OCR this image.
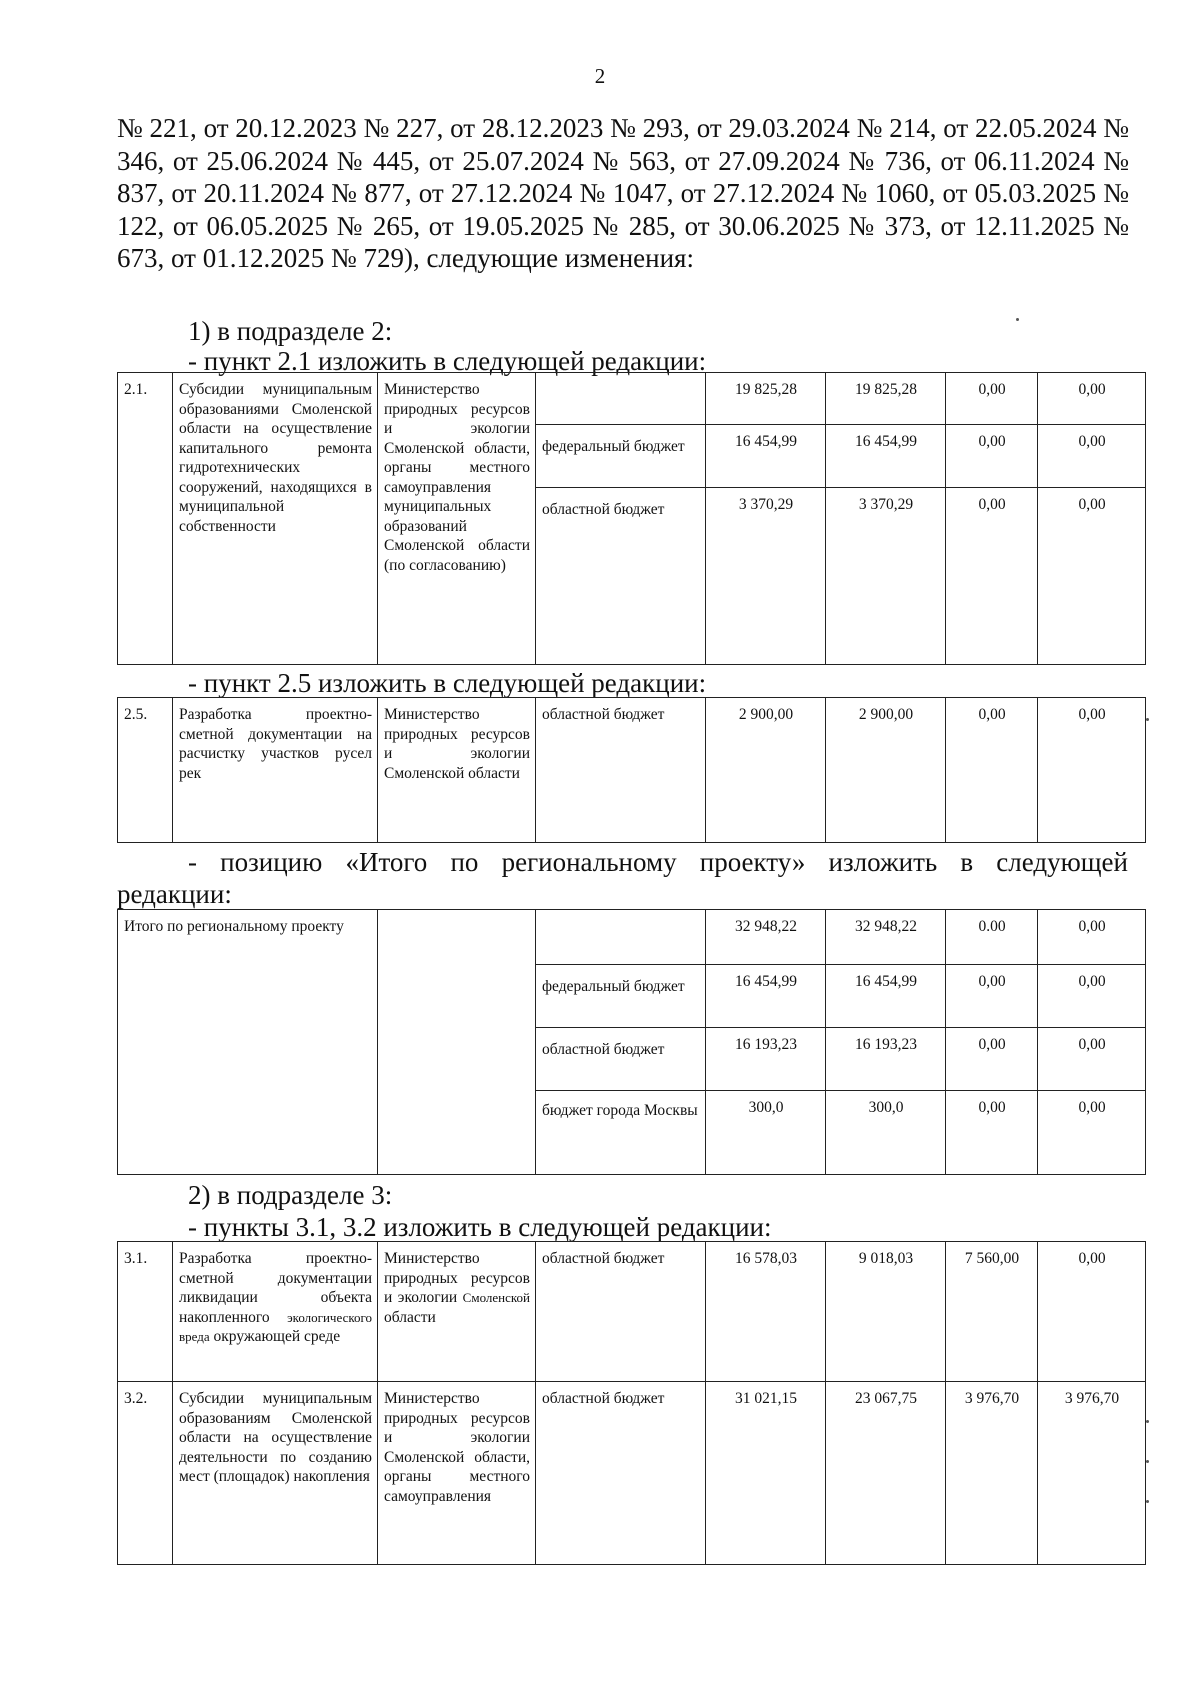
2

№ 221, от 20.12.2023 № 227, от 28.12.2023 № 293, от 29.03.2024 № 214, от 22.05.2024 № 346, от 25.06.2024 № 445, от 25.07.2024 № 563, от 27.09.2024 № 736, от 06.11.2024 № 837, от 20.11.2024 № 877, от 27.12.2024 № 1047, от 27.12.2024 № 1060, от 05.03.2025 № 122, от 06.05.2025 № 265, от 19.05.2025 № 285, от 30.06.2025 № 373, от 12.11.2025 № 673, от 01.12.2025 № 729), следующие изменения:

1) в подразделе 2:
- пункт 2.1 изложить в следующей редакции:
2.1.	Субсидии муниципальным образованиями Смоленской области на осуществление капитального ремонта гидротехнических сооружений, находящихся в муниципальной собственности	Министерство природных ресурсов и экологии Смоленской области, органы местного самоуправления муниципальных образований Смоленской области (по согласованию)		19 825,28	19 825,28	0,00	0,00
			федеральный бюджет	16 454,99	16 454,99	0,00	0,00
			областной бюджет	3 370,29	3 370,29	0,00	0,00
- пункт 2.5 изложить в следующей редакции:
2.5.	Разработка проектно-сметной документации на расчистку участков русел рек	Министерство природных ресурсов и экологии Смоленской области	областной бюджет	2 900,00	2 900,00	0,00	0,00
- позицию «Итого по региональному проекту» изложить в следующей
редакции:
Итого по региональному проекту			32 948,22	32 948,22	0.00	0,00
		федеральный бюджет	16 454,99	16 454,99	0,00	0,00
		областной бюджет	16 193,23	16 193,23	0,00	0,00
		бюджет города Москвы	300,0	300,0	0,00	0,00
2) в подразделе 3:
- пункты 3.1, 3.2 изложить в следующей редакции:
3.1.	Разработка проектно-сметной документации ликвидации объекта накопленного экологического вреда окружающей среде	Министерство природных ресурсов и экологии Смоленской области	областной бюджет	16 578,03	9 018,03	7 560,00	0,00
3.2.	Субсидии муниципальным образованиям Смоленской области на осуществление деятельности по созданию мест (площадок) накопления	Министерство природных ресурсов и экологии Смоленской области, органы местного самоуправления	областной бюджет	31 021,15	23 067,75	3 976,70	3 976,70
